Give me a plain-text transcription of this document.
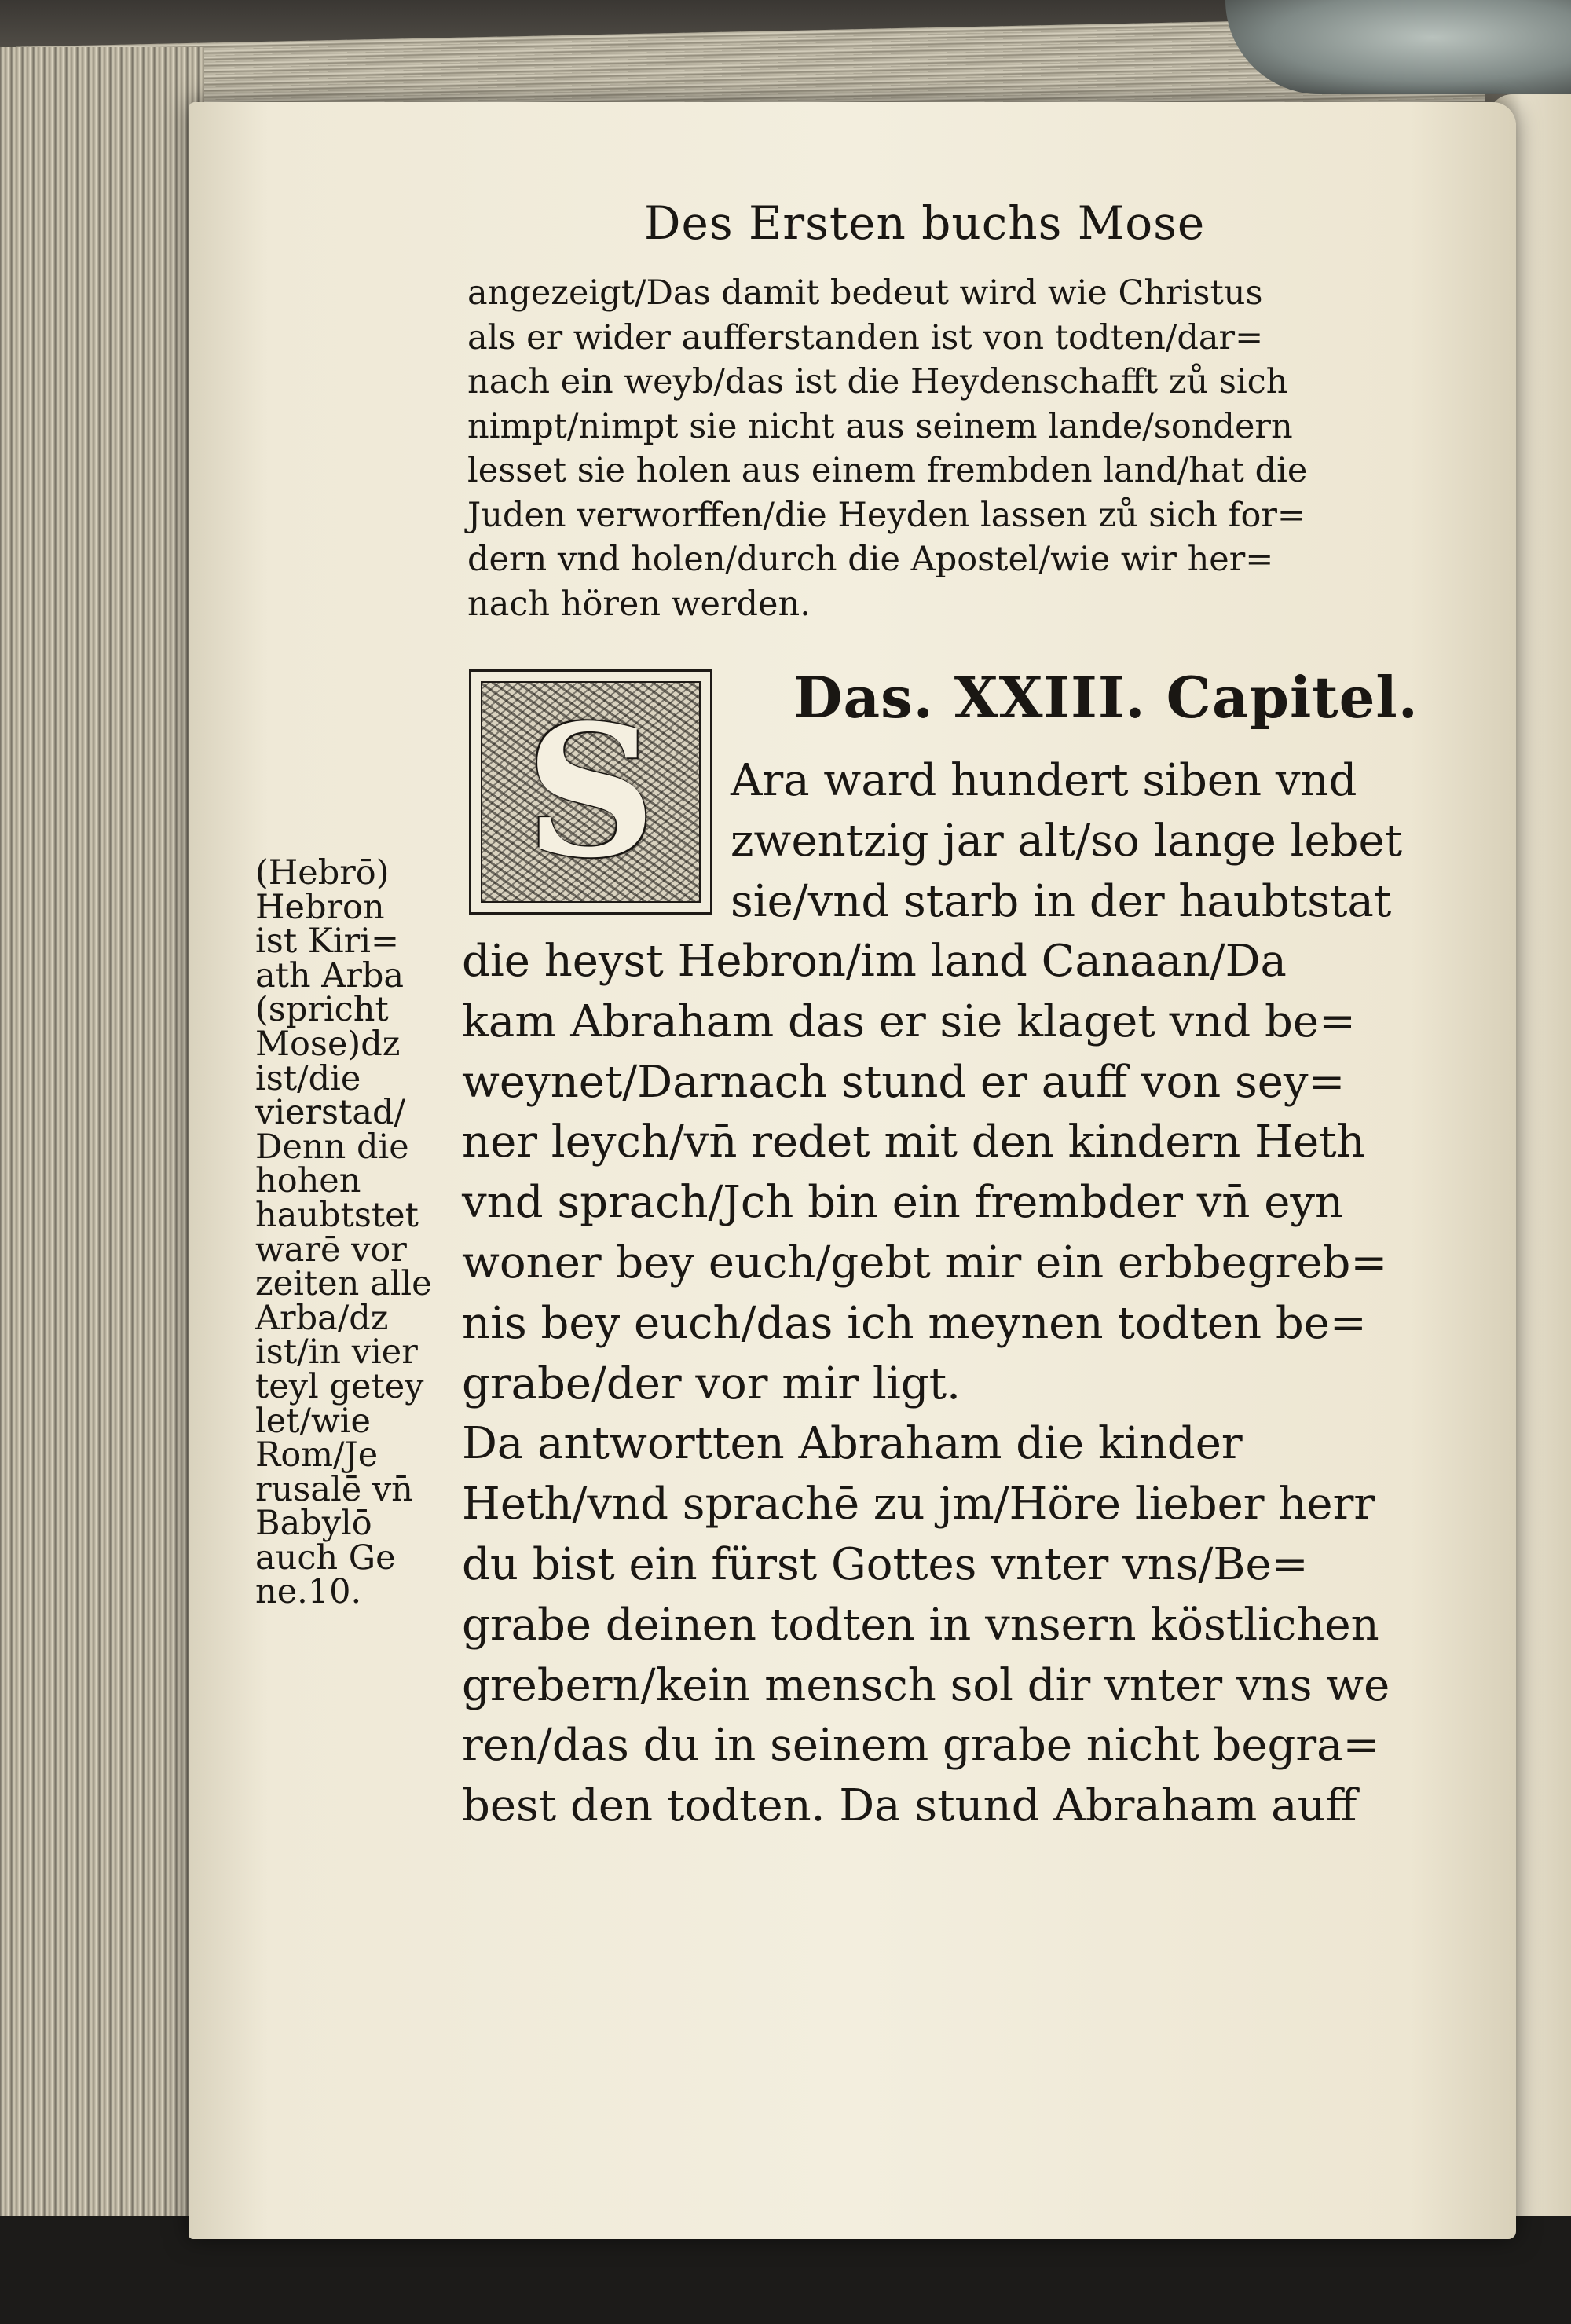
Des Ersten buchs Mose
angezeigt/Das damit bedeut wird wie Christus
als er wider aufferstanden ist von todten/dar=
nach ein weyb/das ist die Heydenschafft zů sich
nimpt/nimpt sie nicht aus seinem lande/sondern
lesset sie holen aus einem frembden land/hat die
Juden verworffen/die Heyden lassen zů sich for=
dern vnd holen/durch die Apostel/wie wir her=
nach hören werden.
S	Das. XXIII. Capitel.
Ara ward hundert siben vnd
zwentzig jar alt/so lange lebet
sie/vnd starb in der haubtstat
die heyst Hebron/im land Canaan/Da
kam Abraham das er sie klaget vnd be=
weynet/Darnach stund er auff von sey=
ner leych/vn̄ redet mit den kindern Heth
vnd sprach/Jch bin ein frembder vn̄ eyn
woner bey euch/gebt mir ein erbbegreb=
nis bey euch/das ich meynen todten be=
grabe/der vor mir ligt.
Da antwortten Abraham die kinder
Heth/vnd sprachē zu jm/Höre lieber herr
du bist ein fürst Gottes vnter vns/Be=
grabe deinen todten in vnsern köstlichen
grebern/kein mensch sol dir vnter vns we
ren/das du in seinem grabe nicht begra=
best den todten. Da stund Abraham auff
(Hebrō)
Hebron
ist Kiri=
ath Arba
(spricht
Mose)dz
ist/die
vierstad/
Denn die
hohen
haubtstet
warē vor
zeiten alle
Arba/dz
ist/in vier
teyl getey
let/wie
Rom/Je
rusalē vn̄
Babylō
auch Ge
ne.10.
